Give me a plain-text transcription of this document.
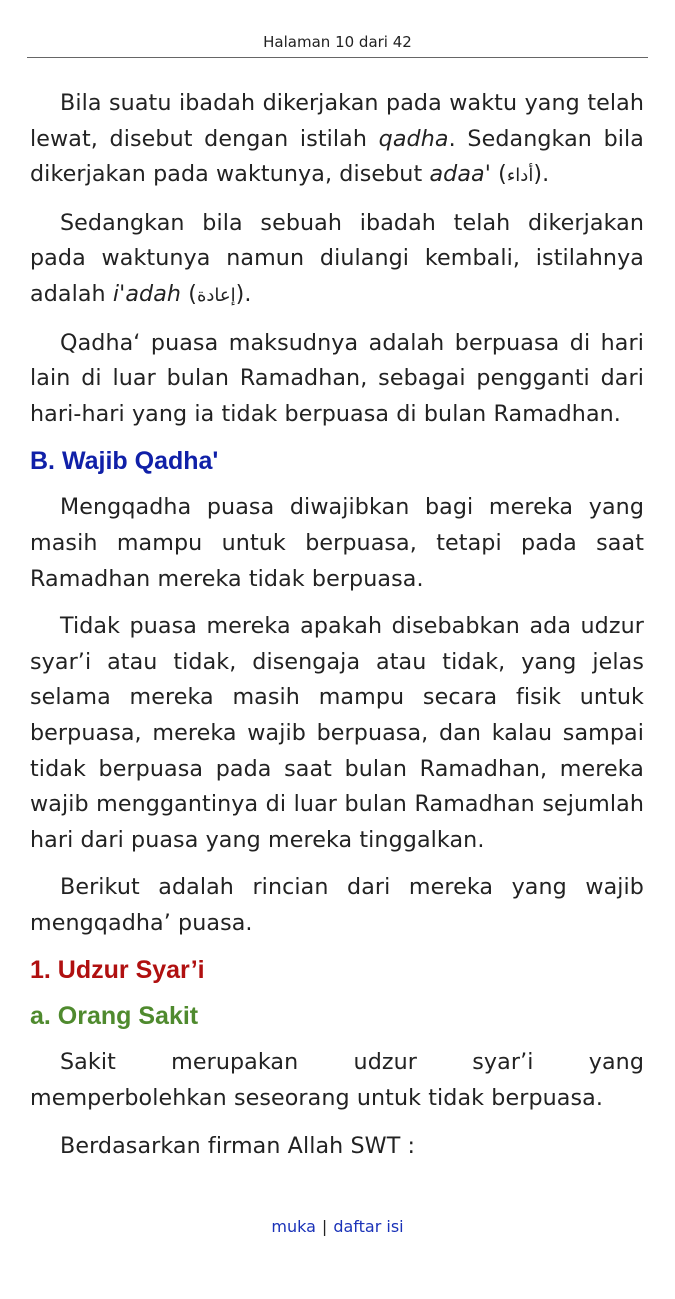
Halaman 10 dari 42

Bila suatu ibadah dikerjakan pada waktu yang telah lewat, disebut dengan istilah qadha. Sedangkan bila dikerjakan pada waktunya, disebut adaa' (أداء).

Sedangkan bila sebuah ibadah telah dikerjakan pada waktunya namun diulangi kembali, istilahnya adalah i'adah (إعادة).

Qadha‘ puasa maksudnya adalah berpuasa di hari lain di luar bulan Ramadhan, sebagai pengganti dari hari-hari yang ia tidak berpuasa di bulan Ramadhan.

B. Wajib Qadha'

Mengqadha puasa diwajibkan bagi mereka yang masih mampu untuk berpuasa, tetapi pada saat Ramadhan mereka tidak berpuasa.

Tidak puasa mereka apakah disebabkan ada udzur syar’i atau tidak, disengaja atau tidak, yang jelas selama mereka masih mampu secara fisik untuk berpuasa, mereka wajib berpuasa, dan kalau sampai tidak berpuasa pada saat bulan Ramadhan, mereka wajib menggantinya di luar bulan Ramadhan sejumlah hari dari puasa yang mereka tinggalkan.

Berikut adalah rincian dari mereka yang wajib mengqadha’ puasa.

1. Udzur Syar’i
a. Orang Sakit

Sakit merupakan udzur syar’i yang memperbolehkan seseorang untuk tidak berpuasa.

Berdasarkan firman Allah SWT :

muka | daftar isi
